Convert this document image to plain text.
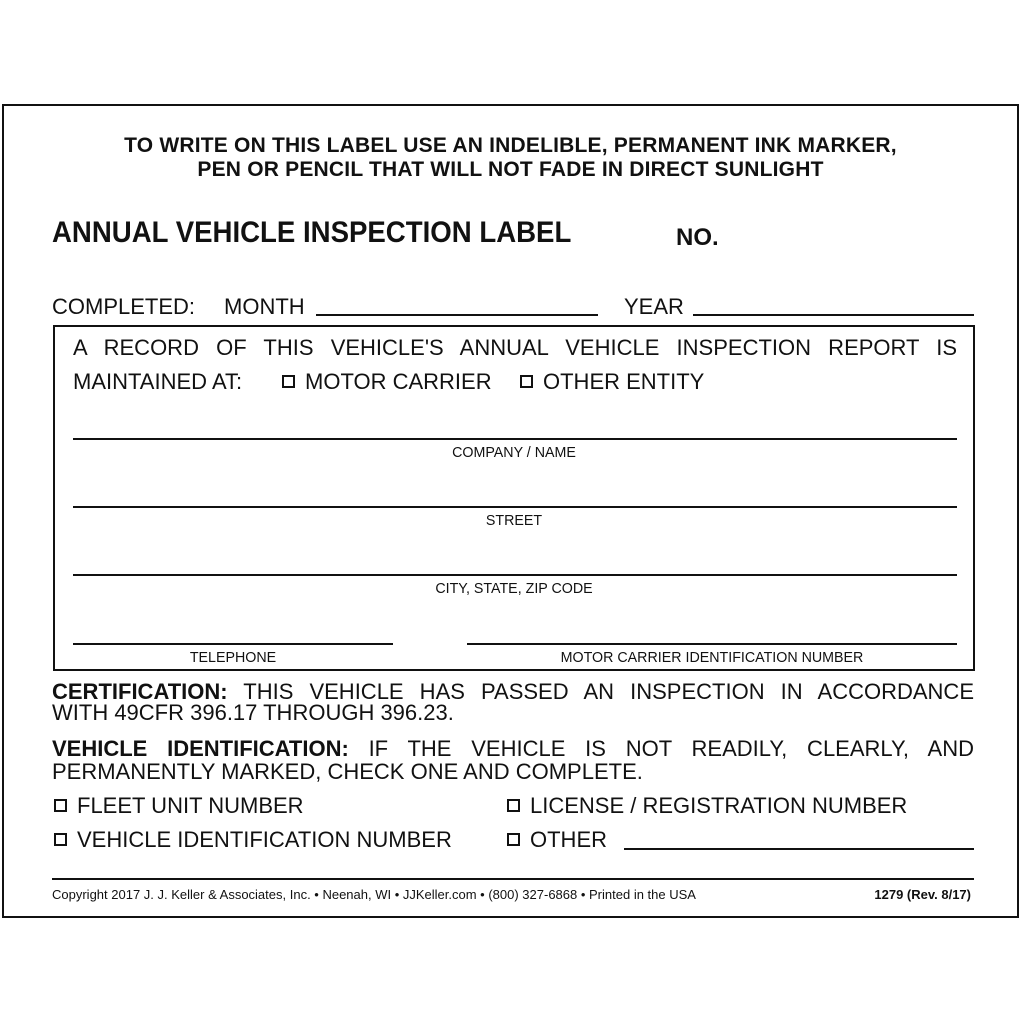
TO WRITE ON THIS LABEL USE AN INDELIBLE, PERMANENT INK MARKER,
PEN OR PENCIL THAT WILL NOT FADE IN DIRECT SUNLIGHT
ANNUAL VEHICLE INSPECTION LABEL	NO.
COMPLETED: MONTH	YEAR
A RECORD OF THIS VEHICLE'S ANNUAL VEHICLE INSPECTION REPORT IS
MAINTAINED AT:	MOTOR CARRIER	OTHER ENTITY
COMPANY / NAME
STREET
CITY, STATE, ZIP CODE
TELEPHONE	MOTOR CARRIER IDENTIFICATION NUMBER
CERTIFICATION: THIS VEHICLE HAS PASSED AN INSPECTION IN ACCORDANCE
WITH 49CFR 396.17 THROUGH 396.23.
VEHICLE IDENTIFICATION: IF THE VEHICLE IS NOT READILY, CLEARLY, AND
PERMANENTLY MARKED, CHECK ONE AND COMPLETE.
FLEET UNIT NUMBER	LICENSE / REGISTRATION NUMBER
VEHICLE IDENTIFICATION NUMBER	OTHER
Copyright 2017 J. J. Keller & Associates, Inc. • Neenah, WI • JJKeller.com • (800) 327-6868 • Printed in the USA	1279 (Rev. 8/17)
